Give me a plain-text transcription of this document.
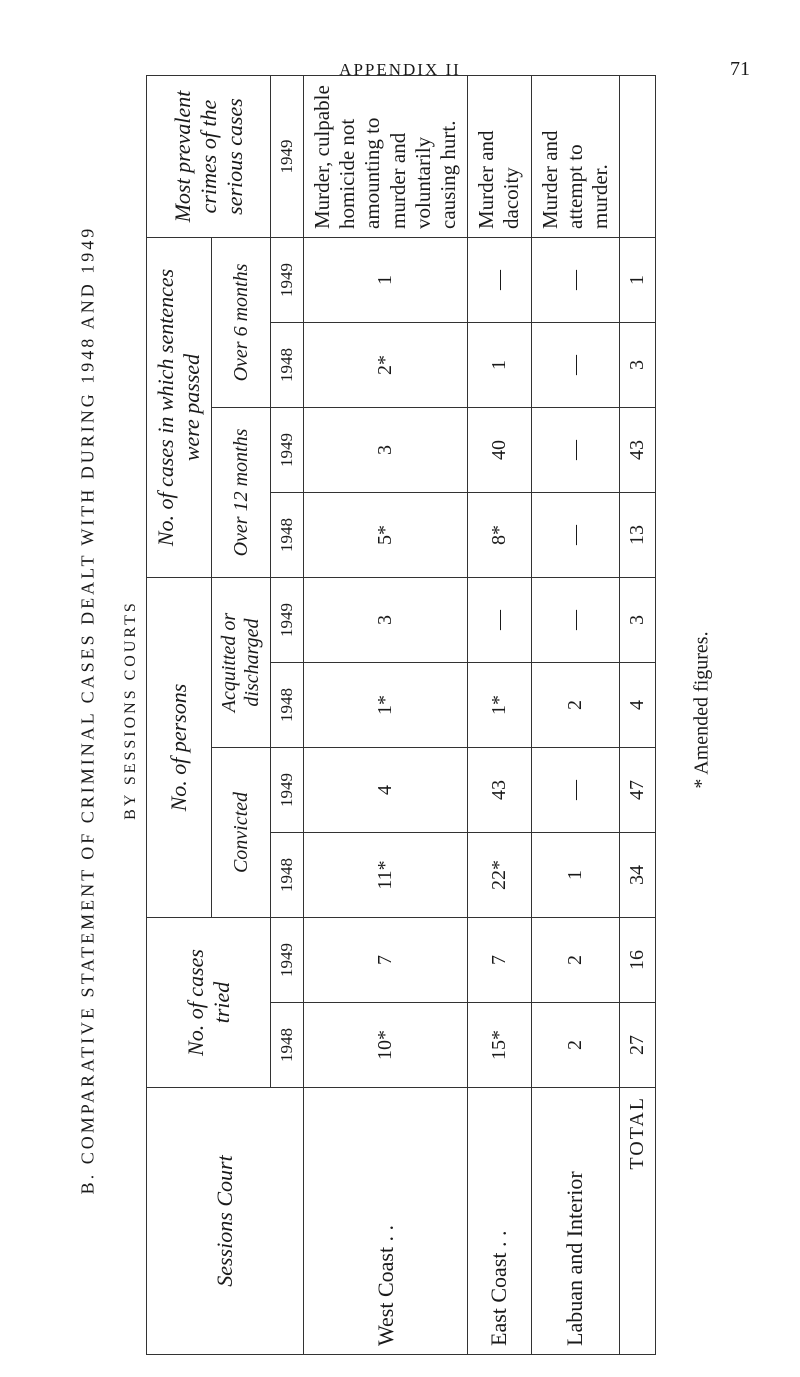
APPENDIX II	71
B. COMPARATIVE STATEMENT OF CRIMINAL CASES DEALT WITH DURING 1948 AND 1949 BY SESSIONS COURTS
Sessions Court	No. of cases tried		No. of persons				No. of cases in which sentences were passed				Most prevalent crimes of the serious cases
			Convicted		Acquitted or discharged		Over 12 months		Over 6 months		
	1948	1949	1948	1949	1948	1949	1948	1949	1948	1949	1949
West Coast . .	10*	7	11*	4	1*	3	5*	3	2*	1	Murder, culpable homicide not amounting to murder and voluntarily causing hurt.
East Coast . .	15*	7	22*	43	1*	—	8*	40	1	—	Murder and dacoity
Labuan and Interior	2	2	1	—	2	—	—	—	—	—	Murder and attempt to murder.
TOTAL	27	16	34	47	4	3	13	43	3	1	
* Amended figures.
